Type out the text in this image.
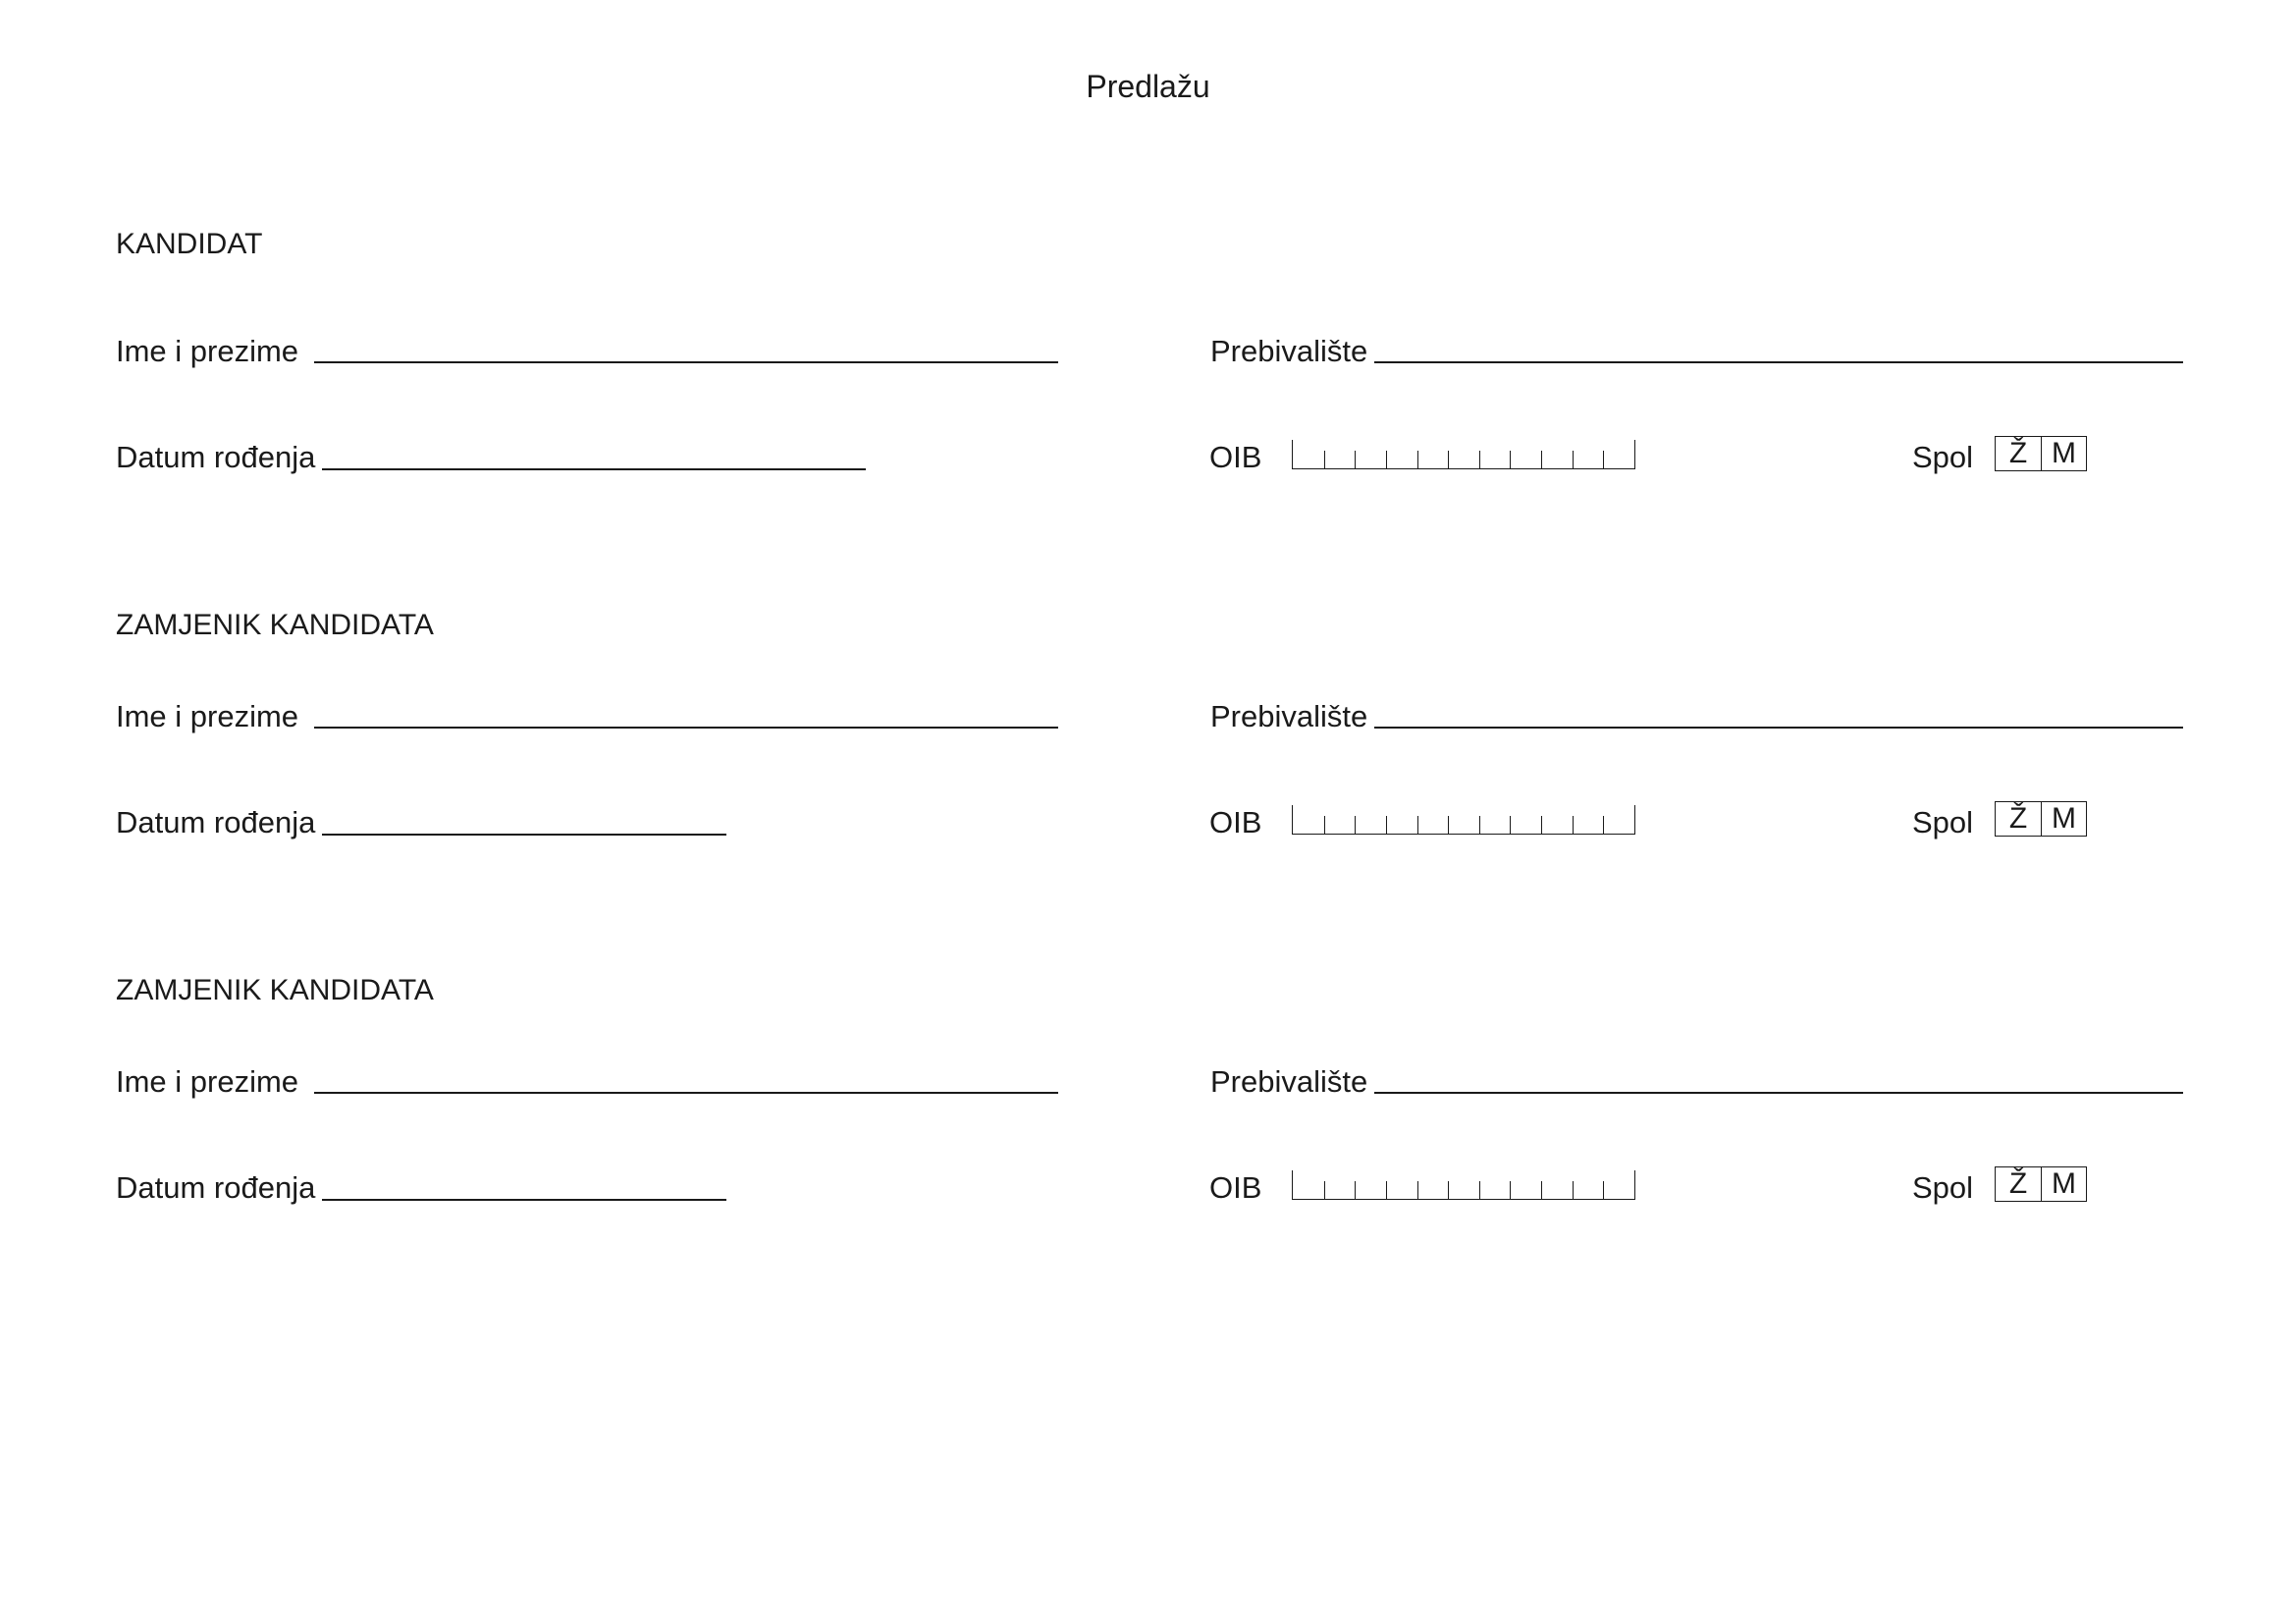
Predlažu
KANDIDAT
Ime i prezime	Prebivalište
Datum rođenja	OIB	Spol	Ž M
ZAMJENIK KANDIDATA
Ime i prezime	Prebivalište
Datum rođenja	OIB	Spol	Ž M
ZAMJENIK KANDIDATA
Ime i prezime	Prebivalište
Datum rođenja	OIB	Spol	Ž M
